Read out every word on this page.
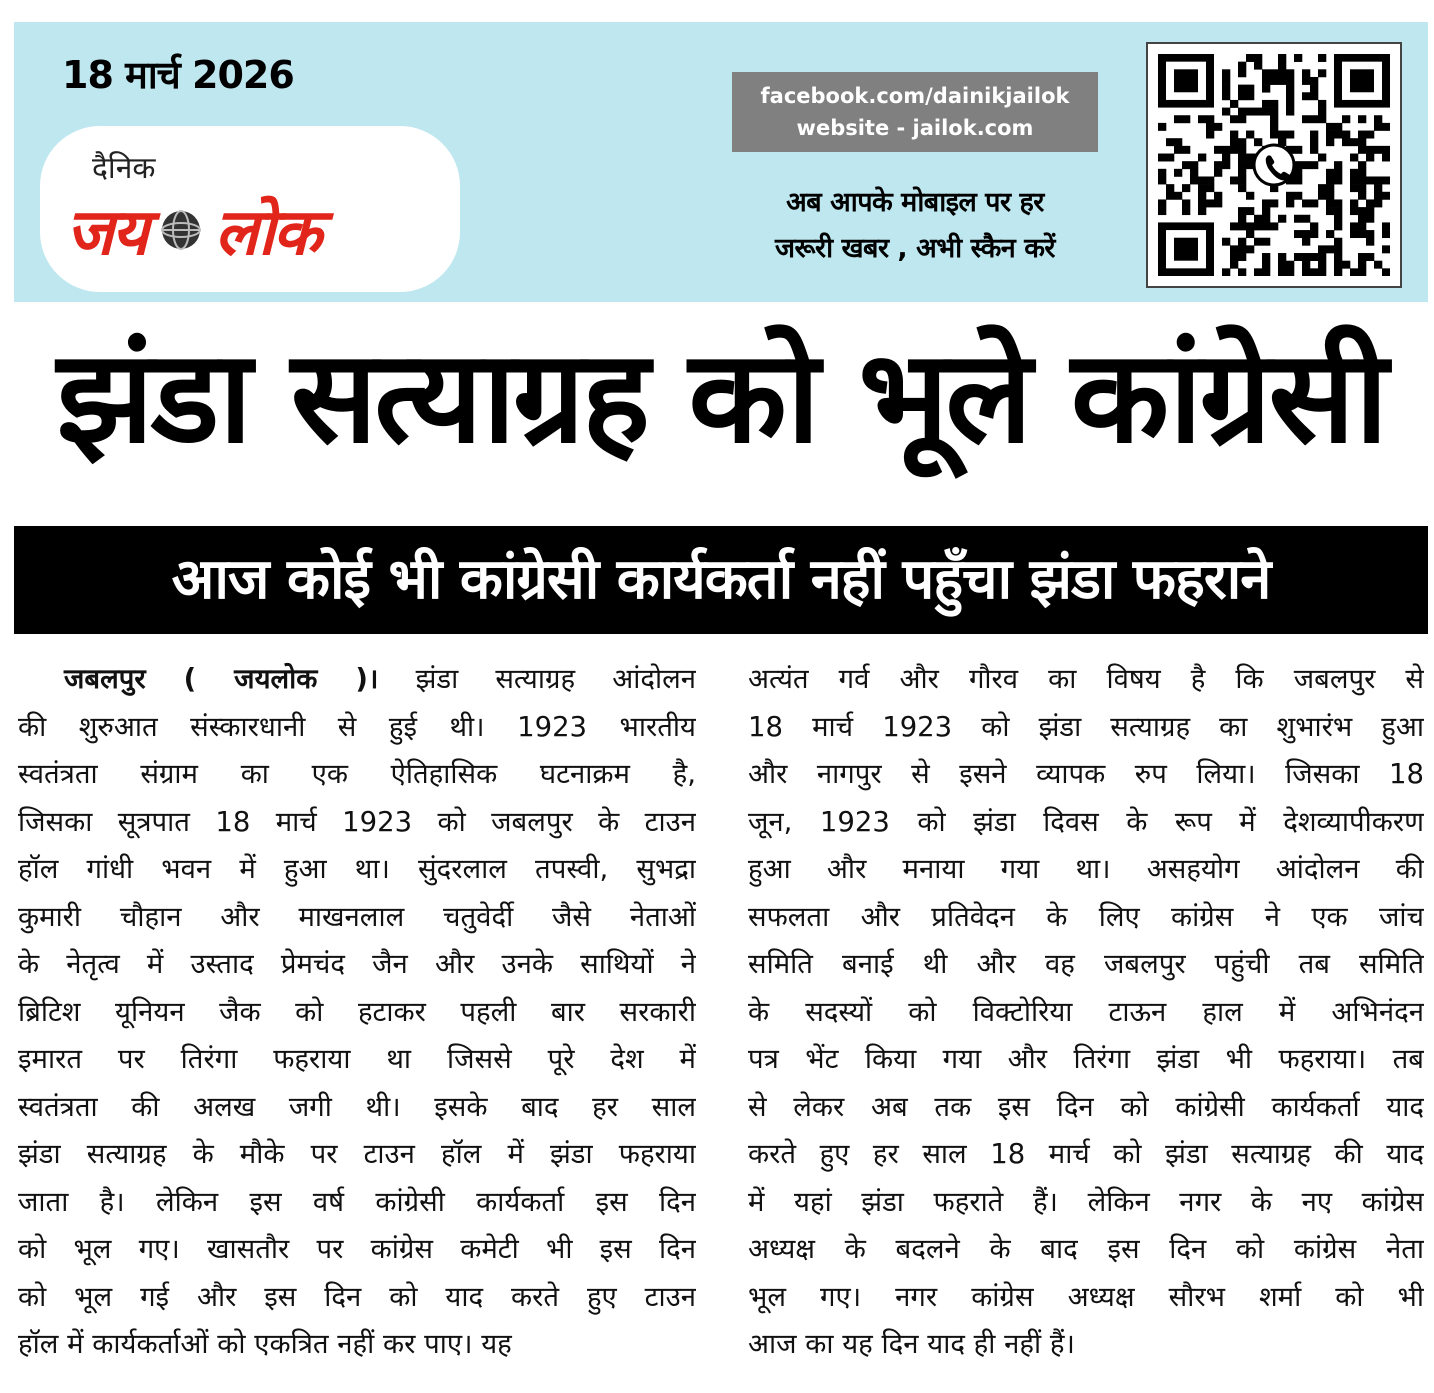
18 मार्च 2026
दैनिक
जय लोक
facebook.com/dainikjailok
website - jailok.com
अब आपके मोबाइल पर हर
जरूरी खबर , अभी स्कैन करें
झंडा सत्याग्रह को भूले कांग्रेसी
आज कोई भी कांग्रेसी कार्यकर्ता नहीं पहुँचा झंडा फहराने
जबलपुर ( जयलोक )। झंडा सत्याग्रह आंदोलन
की शुरुआत संस्कारधानी से हुई थी। 1923 भारतीय
स्वतंत्रता संग्राम का एक ऐतिहासिक घटनाक्रम है,
जिसका सूत्रपात 18 मार्च 1923 को जबलपुर के टाउन
हॉल गांधी भवन में हुआ था। सुंदरलाल तपस्वी, सुभद्रा
कुमारी चौहान और माखनलाल चतुवेर्दी जैसे नेताओं
के नेतृत्व में उस्ताद प्रेमचंद जैन और उनके साथियों ने
ब्रिटिश यूनियन जैक को हटाकर पहली बार सरकारी
इमारत पर तिरंगा फहराया था जिससे पूरे देश में
स्वतंत्रता की अलख जगी थी। इसके बाद हर साल
झंडा सत्याग्रह के मौके पर टाउन हॉल में झंडा फहराया
जाता है। लेकिन इस वर्ष कांग्रेसी कार्यकर्ता इस दिन
को भूल गए। खासतौर पर कांग्रेस कमेटी भी इस दिन
को भूल गई और इस दिन को याद करते हुए टाउन
हॉल में कार्यकर्ताओं को एकत्रित नहीं कर पाए। यह
अत्यंत गर्व और गौरव का विषय है कि जबलपुर से
18 मार्च 1923 को झंडा सत्याग्रह का शुभारंभ हुआ
और नागपुर से इसने व्यापक रुप लिया। जिसका 18
जून, 1923 को झंडा दिवस के रूप में देशव्यापीकरण
हुआ और मनाया गया था। असहयोग आंदोलन की
सफलता और प्रतिवेदन के लिए कांग्रेस ने एक जांच
समिति बनाई थी और वह जबलपुर पहुंची तब समिति
के सदस्यों को विक्टोरिया टाऊन हाल में अभिनंदन
पत्र भेंट किया गया और तिरंगा झंडा भी फहराया। तब
से लेकर अब तक इस दिन को कांग्रेसी कार्यकर्ता याद
करते हुए हर साल 18 मार्च को झंडा सत्याग्रह की याद
में यहां झंडा फहराते हैं। लेकिन नगर के नए कांग्रेस
अध्यक्ष के बदलने के बाद इस दिन को कांग्रेस नेता
भूल गए। नगर कांग्रेस अध्यक्ष सौरभ शर्मा को भी
आज का यह दिन याद ही नहीं हैं।
